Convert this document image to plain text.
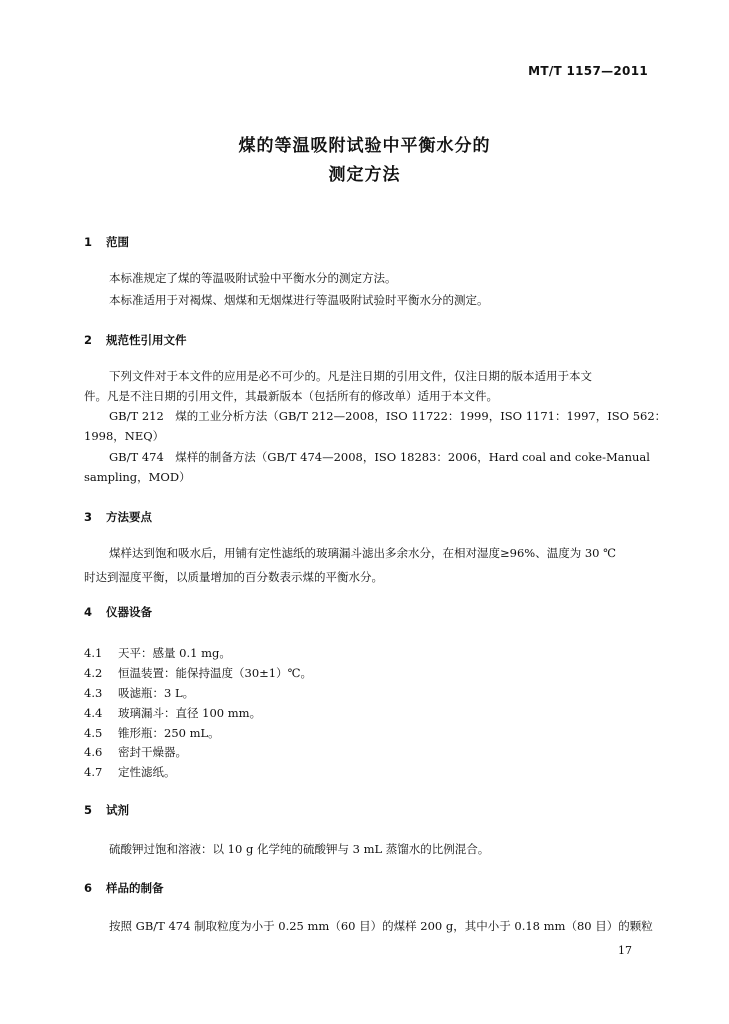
MT/T 1157—2011
煤的等温吸附试验中平衡水分的
测定方法
1 范围
本标准规定了煤的等温吸附试验中平衡水分的测定方法。
本标准适用于对褐煤、烟煤和无烟煤进行等温吸附试验时平衡水分的测定。
2 规范性引用文件
下列文件对于本文件的应用是必不可少的。凡是注日期的引用文件，仅注日期的版本适用于本文
件。凡是不注日期的引用文件，其最新版本（包括所有的修改单）适用于本文件。
GB/T 212　煤的工业分析方法（GB/T 212—2008，ISO 11722：1999，ISO 1171：1997，ISO 562：
1998，NEQ）
GB/T 474　煤样的制备方法（GB/T 474—2008，ISO 18283：2006，Hard coal and coke-Manual
sampling，MOD）
3 方法要点
煤样达到饱和吸水后，用铺有定性滤纸的玻璃漏斗滤出多余水分，在相对湿度≥96%、温度为 30 ℃
时达到湿度平衡，以质量增加的百分数表示煤的平衡水分。
4 仪器设备
4.1 天平：感量 0.1 mg。
4.2 恒温装置：能保持温度（30±1）℃。
4.3 吸滤瓶：3 L。
4.4 玻璃漏斗：直径 100 mm。
4.5 锥形瓶：250 mL。
4.6 密封干燥器。
4.7 定性滤纸。
5 试剂
硫酸钾过饱和溶液：以 10 g 化学纯的硫酸钾与 3 mL 蒸馏水的比例混合。
6 样品的制备
按照 GB/T 474 制取粒度为小于 0.25 mm（60 目）的煤样 200 g，其中小于 0.18 mm（80 目）的颗粒
17
